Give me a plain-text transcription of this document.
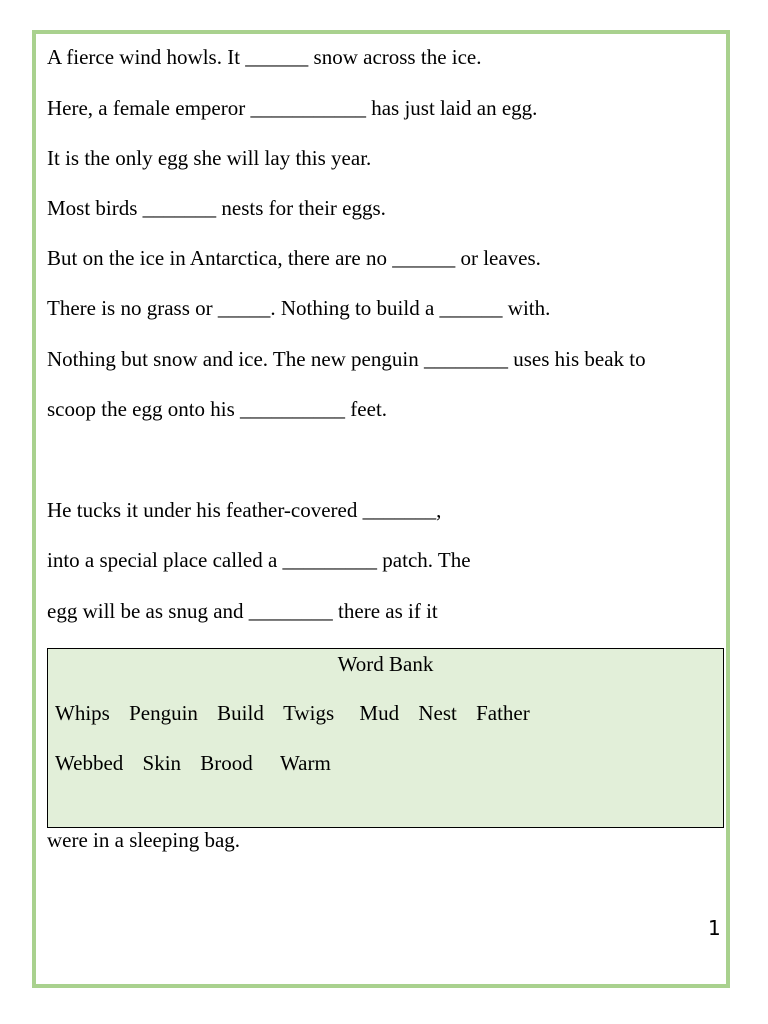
A fierce wind howls. It ______ snow across the ice.

Here, a female emperor ___________ has just laid an egg.

It is the only egg she will lay this year.

Most birds _______ nests for their eggs.

But on the ice in Antarctica, there are no ______ or leaves.

There is no grass or _____. Nothing to build a ______ with.

Nothing but snow and ice. The new penguin ________ uses his beak to

scoop the egg onto his __________ feet.

He tucks it under his feather-covered _______,

into a special place called a _________ patch. The

egg will be as snug and ________ there as if it

Word Bank
Whips Penguin Build Twigs Mud Nest Father
Webbed Skin Brood Warm

were in a sleeping bag.

1
